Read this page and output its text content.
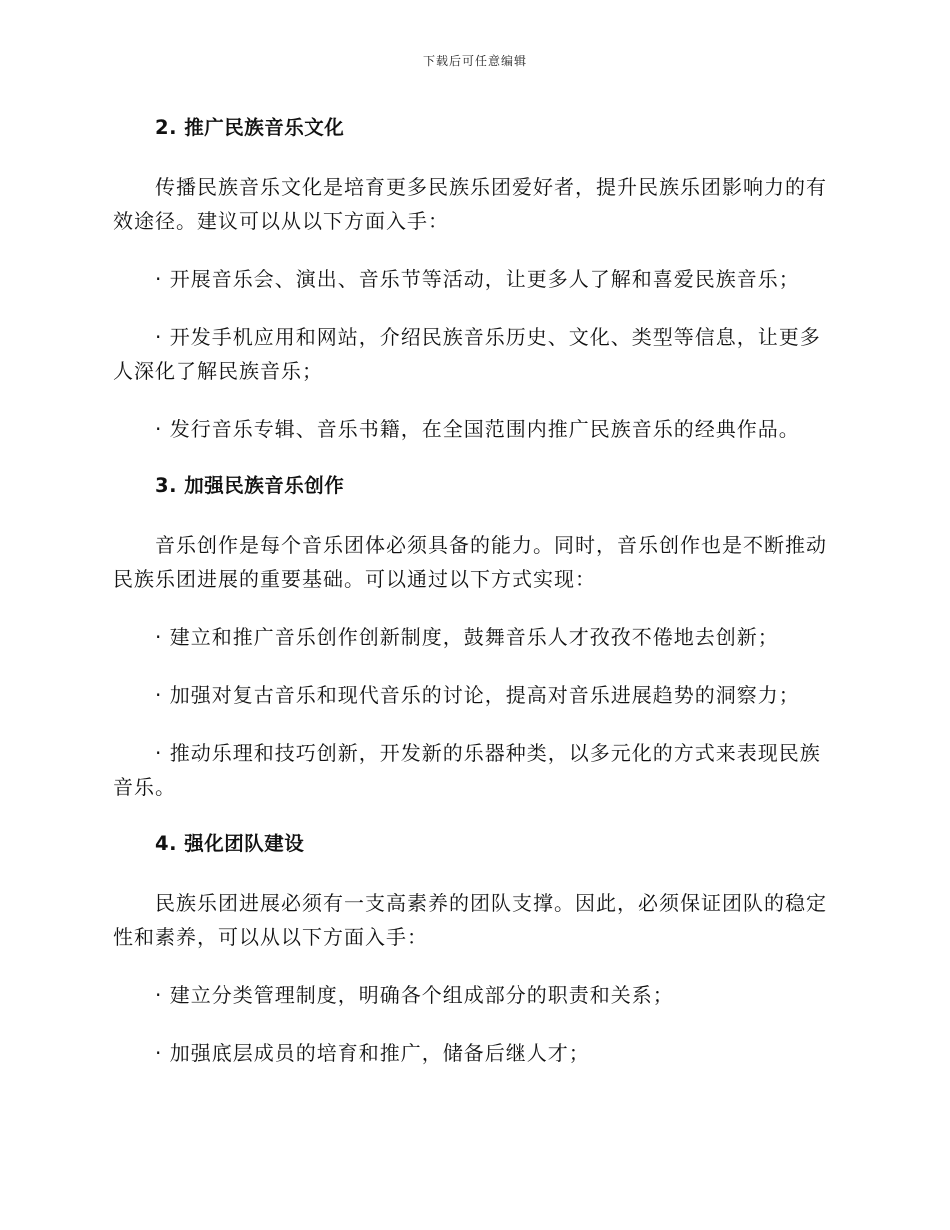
下载后可任意编辑
2. 推广民族音乐文化

传播民族音乐文化是培育更多民族乐团爱好者，提升民族乐团影响力的有效途径。建议可以从以下方面入手：

· 开展音乐会、演出、音乐节等活动，让更多人了解和喜爱民族音乐；

· 开发手机应用和网站，介绍民族音乐历史、文化、类型等信息，让更多人深化了解民族音乐；

· 发行音乐专辑、音乐书籍，在全国范围内推广民族音乐的经典作品。

3. 加强民族音乐创作

音乐创作是每个音乐团体必须具备的能力。同时，音乐创作也是不断推动民族乐团进展的重要基础。可以通过以下方式实现：

· 建立和推广音乐创作创新制度，鼓舞音乐人才孜孜不倦地去创新；

· 加强对复古音乐和现代音乐的讨论，提高对音乐进展趋势的洞察力；

· 推动乐理和技巧创新，开发新的乐器种类，以多元化的方式来表现民族音乐。

4. 强化团队建设

民族乐团进展必须有一支高素养的团队支撑。因此，必须保证团队的稳定性和素养，可以从以下方面入手：

· 建立分类管理制度，明确各个组成部分的职责和关系；

· 加强底层成员的培育和推广，储备后继人才；
